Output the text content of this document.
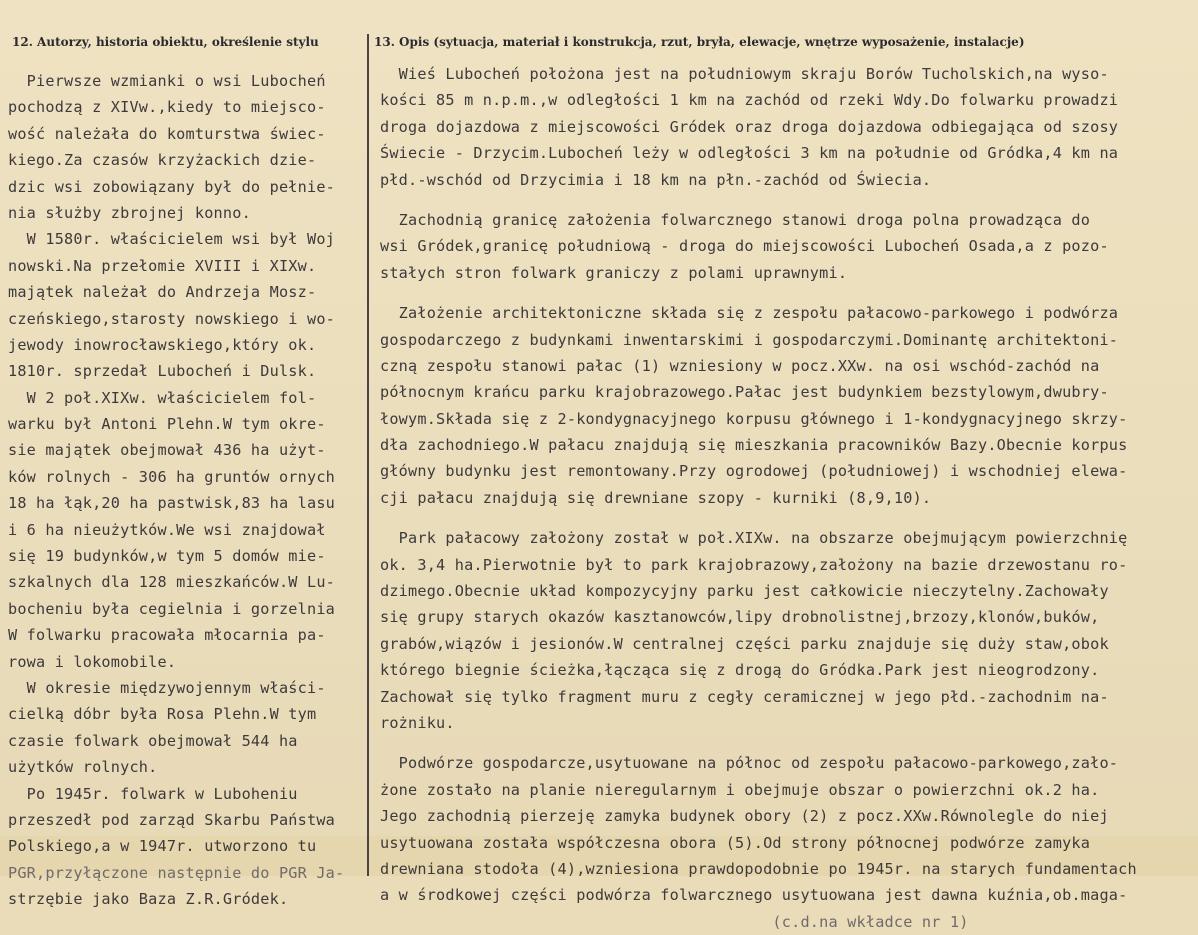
12. Autorzy, historia obiektu, określenie stylu	13. Opis (sytuacja, materiał i konstrukcja, rzut, bryła, elewacje, wnętrze wyposażenie, instalacje)
Pierwsze wzmianki o wsi Lubocheń
pochodzą z XIVw.,kiedy to miejsco-
wość należała do komturstwa świec-
kiego.Za czasów krzyżackich dzie-
dzic wsi zobowiązany był do pełnie-
nia służby zbrojnej konno.
W 1580r. właścicielem wsi był Woj
nowski.Na przełomie XVIII i XIXw.
majątek należał do Andrzeja Mosz-
czeńskiego,starosty nowskiego i wo-
jewody inowrocławskiego,który ok.
1810r. sprzedał Lubocheń i Dulsk.
W 2 poł.XIXw. właścicielem fol-
warku był Antoni Plehn.W tym okre-
sie majątek obejmował 436 ha użyt-
ków rolnych - 306 ha gruntów ornych
18 ha łąk,20 ha pastwisk,83 ha lasu
i 6 ha nieużytków.We wsi znajdował
się 19 budynków,w tym 5 domów mie-
szkalnych dla 128 mieszkańców.W Lu-
bocheniu była cegielnia i gorzelnia
W folwarku pracowała młocarnia pa-
rowa i lokomobile.
W okresie międzywojennym właści-
cielką dóbr była Rosa Plehn.W tym
czasie folwark obejmował 544 ha
użytków rolnych.
Po 1945r. folwark w Luboheniu
przeszedł pod zarząd Skarbu Państwa
Polskiego,a w 1947r. utworzono tu
PGR,przyłączone następnie do PGR Ja-
strzębie jako Baza Z.R.Gródek.
Wieś Lubocheń położona jest na południowym skraju Borów Tucholskich,na wyso-
kości 85 m n.p.m.,w odległości 1 km na zachód od rzeki Wdy.Do folwarku prowadzi
droga dojazdowa z miejscowości Gródek oraz droga dojazdowa odbiegająca od szosy
Świecie - Drzycim.Lubocheń leży w odległości 3 km na południe od Gródka,4 km na
płd.-wschód od Drzycimia i 18 km na płn.-zachód od Świecia.
Zachodnią granicę założenia folwarcznego stanowi droga polna prowadząca do
wsi Gródek,granicę południową - droga do miejscowości Lubocheń Osada,a z pozo-
stałych stron folwark graniczy z polami uprawnymi.
Założenie architektoniczne składa się z zespołu pałacowo-parkowego i podwórza
gospodarczego z budynkami inwentarskimi i gospodarczymi.Dominantę architektoni-
czną zespołu stanowi pałac (1) wzniesiony w pocz.XXw. na osi wschód-zachód na
północnym krańcu parku krajobrazowego.Pałac jest budynkiem bezstylowym,dwubry-
łowym.Składa się z 2-kondygnacyjnego korpusu głównego i 1-kondygnacyjnego skrzy-
dła zachodniego.W pałacu znajdują się mieszkania pracowników Bazy.Obecnie korpus
główny budynku jest remontowany.Przy ogrodowej (południowej) i wschodniej elewa-
cji pałacu znajdują się drewniane szopy - kurniki (8,9,10).
Park pałacowy założony został w poł.XIXw. na obszarze obejmującym powierzchnię
ok. 3,4 ha.Pierwotnie był to park krajobrazowy,założony na bazie drzewostanu ro-
dzimego.Obecnie układ kompozycyjny parku jest całkowicie nieczytelny.Zachowały
się grupy starych okazów kasztanowców,lipy drobnolistnej,brzozy,klonów,buków,
grabów,wiązów i jesionów.W centralnej części parku znajduje się duży staw,obok
którego biegnie ścieżka,łącząca się z drogą do Gródka.Park jest nieogrodzony.
Zachował się tylko fragment muru z cegły ceramicznej w jego płd.-zachodnim na-
rożniku.
Podwórze gospodarcze,usytuowane na północ od zespołu pałacowo-parkowego,zało-
żone zostało na planie nieregularnym i obejmuje obszar o powierzchni ok.2 ha.
Jego zachodnią pierzeję zamyka budynek obory (2) z pocz.XXw.Równolegle do niej
usytuowana została współczesna obora (5).Od strony północnej podwórze zamyka
drewniana stodoła (4),wzniesiona prawdopodobnie po 1945r. na starych fundamentach
a w środkowej części podwórza folwarcznego usytuowana jest dawna kuźnia,ob.maga-
(c.d.na wkładce nr 1)
